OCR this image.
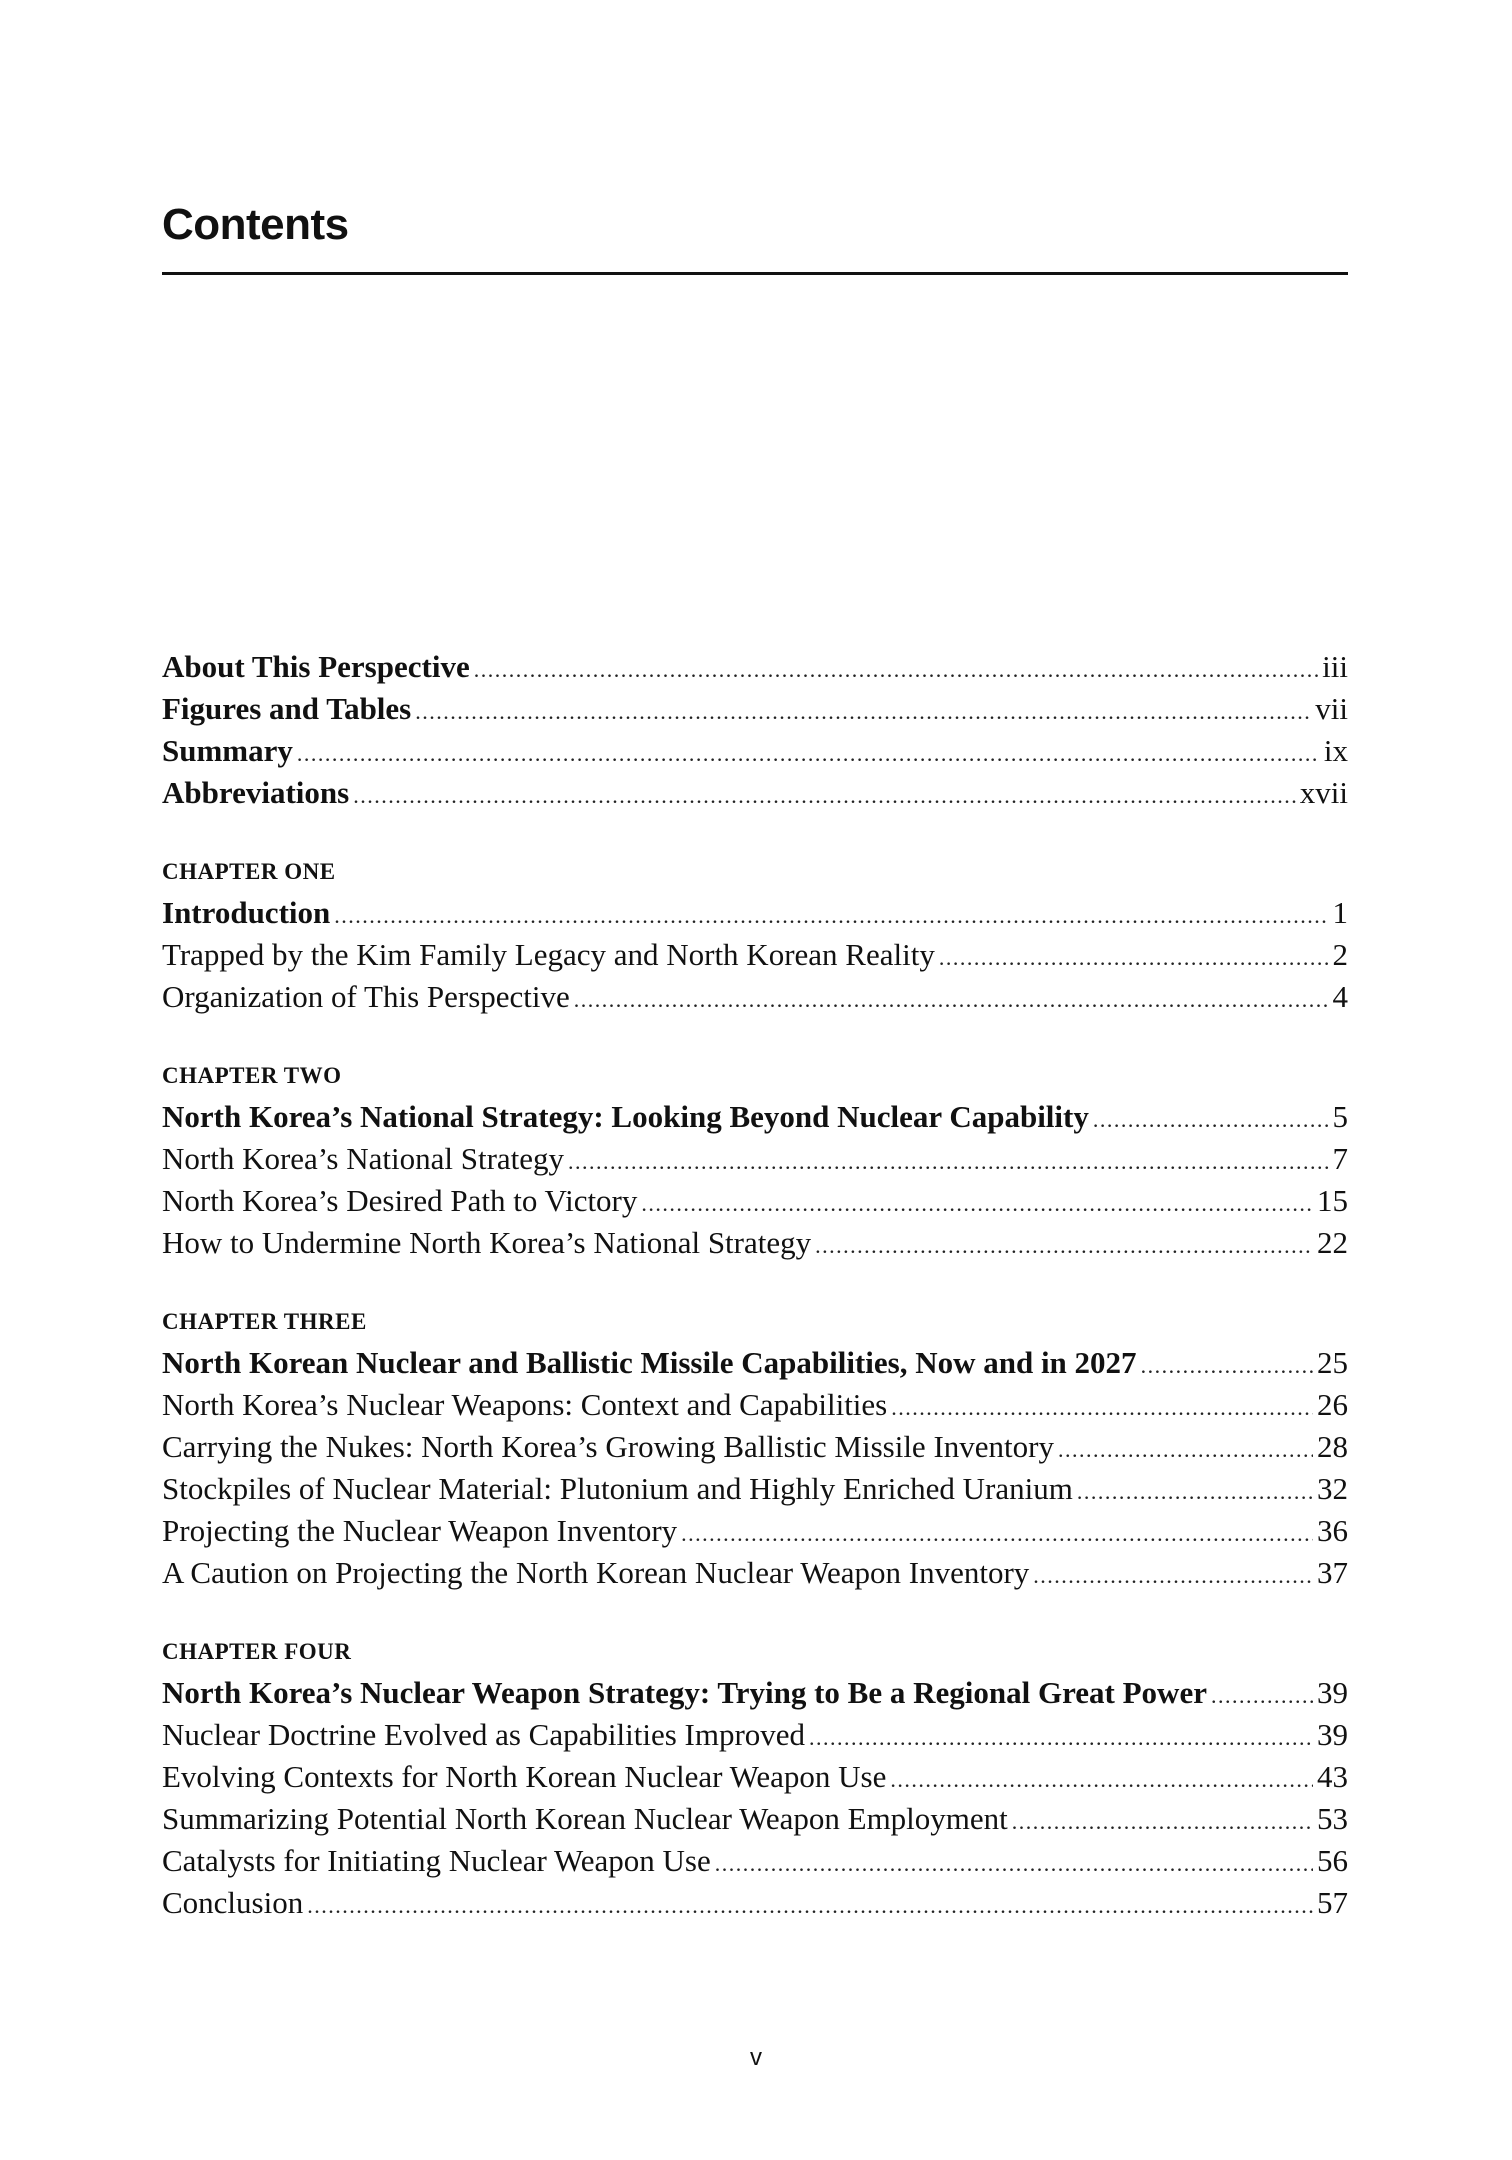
Contents
About This Perspective . . .	iii
Figures and Tables . . .	vii
Summary . . .	ix
Abbreviations . . .	xvii
CHAPTER ONE
Introduction . . .	1
Trapped by the Kim Family Legacy and North Korean Reality . . .	2
Organization of This Perspective . . .	4
CHAPTER TWO
North Korea’s National Strategy: Looking Beyond Nuclear Capability . . .	5
North Korea’s National Strategy . . .	7
North Korea’s Desired Path to Victory . . .	15
How to Undermine North Korea’s National Strategy . . .	22
CHAPTER THREE
North Korean Nuclear and Ballistic Missile Capabilities, Now and in 2027 . . .	25
North Korea’s Nuclear Weapons: Context and Capabilities . . .	26
Carrying the Nukes: North Korea’s Growing Ballistic Missile Inventory . . .	28
Stockpiles of Nuclear Material: Plutonium and Highly Enriched Uranium . . .	32
Projecting the Nuclear Weapon Inventory . . .	36
A Caution on Projecting the North Korean Nuclear Weapon Inventory . . .	37
CHAPTER FOUR
North Korea’s Nuclear Weapon Strategy: Trying to Be a Regional Great Power . . .	39
Nuclear Doctrine Evolved as Capabilities Improved . . .	39
Evolving Contexts for North Korean Nuclear Weapon Use . . .	43
Summarizing Potential North Korean Nuclear Weapon Employment . . .	53
Catalysts for Initiating Nuclear Weapon Use . . .	56
Conclusion . . .	57
v
